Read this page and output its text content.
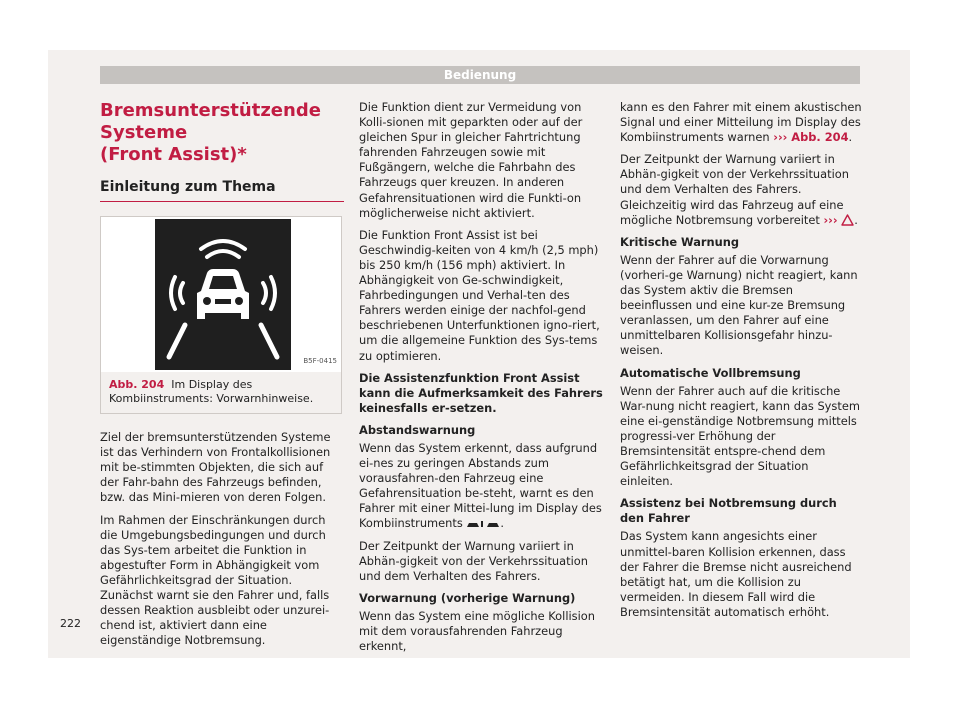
Bedienung
Bremsunterstützende Systeme
(Front Assist)*
Einleitung zum Thema
B5F-0415
Abb. 204 Im Display des Kombiinstruments: Vorwarnhinweise.

Ziel der bremsunterstützenden Systeme ist das Verhindern von Frontalkollisionen mit be-stimmten Objekten, die sich auf der Fahr-bahn des Fahrzeugs befinden, bzw. das Mini-mieren von deren Folgen.

Im Rahmen der Einschränkungen durch die Umgebungsbedingungen und durch das Sys-tem arbeitet die Funktion in abgestufter Form in Abhängigkeit vom Gefährlichkeitsgrad der Situation. Zunächst warnt sie den Fahrer und, falls dessen Reaktion ausbleibt oder unzurei-chend ist, aktiviert dann eine eigenständige Notbremsung.

Die Funktion dient zur Vermeidung von Kolli-sionen mit geparkten oder auf der gleichen Spur in gleicher Fahrtrichtung fahrenden Fahrzeugen sowie mit Fußgängern, welche die Fahrbahn des Fahrzeugs quer kreuzen. In anderen Gefahrensituationen wird die Funkti-on möglicherweise nicht aktiviert.

Die Funktion Front Assist ist bei Geschwindig-keiten von 4 km/h (2,5 mph) bis 250 km/h (156 mph) aktiviert. In Abhängigkeit von Ge-schwindigkeit, Fahrbedingungen und Verhal-ten des Fahrers werden einige der nachfol-gend beschriebenen Unterfunktionen igno-riert, um die allgemeine Funktion des Sys-tems zu optimieren.

Die Assistenzfunktion Front Assist kann die Aufmerksamkeit des Fahrers keinesfalls er-setzen.

Abstandswarnung

Wenn das System erkennt, dass aufgrund ei-nes zu geringen Abstands zum vorausfahren-den Fahrzeug eine Gefahrensituation be-steht, warnt es den Fahrer mit einer Mittei-lung im Display des Kombiinstruments	.

Der Zeitpunkt der Warnung variiert in Abhän-gigkeit von der Verkehrssituation und dem Verhalten des Fahrers.

Vorwarnung (vorherige Warnung)

Wenn das System eine mögliche Kollision mit dem vorausfahrenden Fahrzeug erkennt,

kann es den Fahrer mit einem akustischen Signal und einer Mitteilung im Display des Kombiinstruments warnen ››› Abb. 204.

Der Zeitpunkt der Warnung variiert in Abhän-gigkeit von der Verkehrssituation und dem Verhalten des Fahrers. Gleichzeitig wird das Fahrzeug auf eine mögliche Notbremsung vorbereitet ››› .

Kritische Warnung

Wenn der Fahrer auf die Vorwarnung (vorheri-ge Warnung) nicht reagiert, kann das System aktiv die Bremsen beeinflussen und eine kur-ze Bremsung veranlassen, um den Fahrer auf eine unmittelbaren Kollisionsgefahr hinzu-weisen.

Automatische Vollbremsung

Wenn der Fahrer auch auf die kritische War-nung nicht reagiert, kann das System eine ei-genständige Notbremsung mittels progressi-ver Erhöhung der Bremsintensität entspre-chend dem Gefährlichkeitsgrad der Situation einleiten.

Assistenz bei Notbremsung durch den Fahrer

Das System kann angesichts einer unmittel-baren Kollision erkennen, dass der Fahrer die Bremse nicht ausreichend betätigt hat, um die Kollision zu vermeiden. In diesem Fall wird die Bremsintensität automatisch erhöht.

222
